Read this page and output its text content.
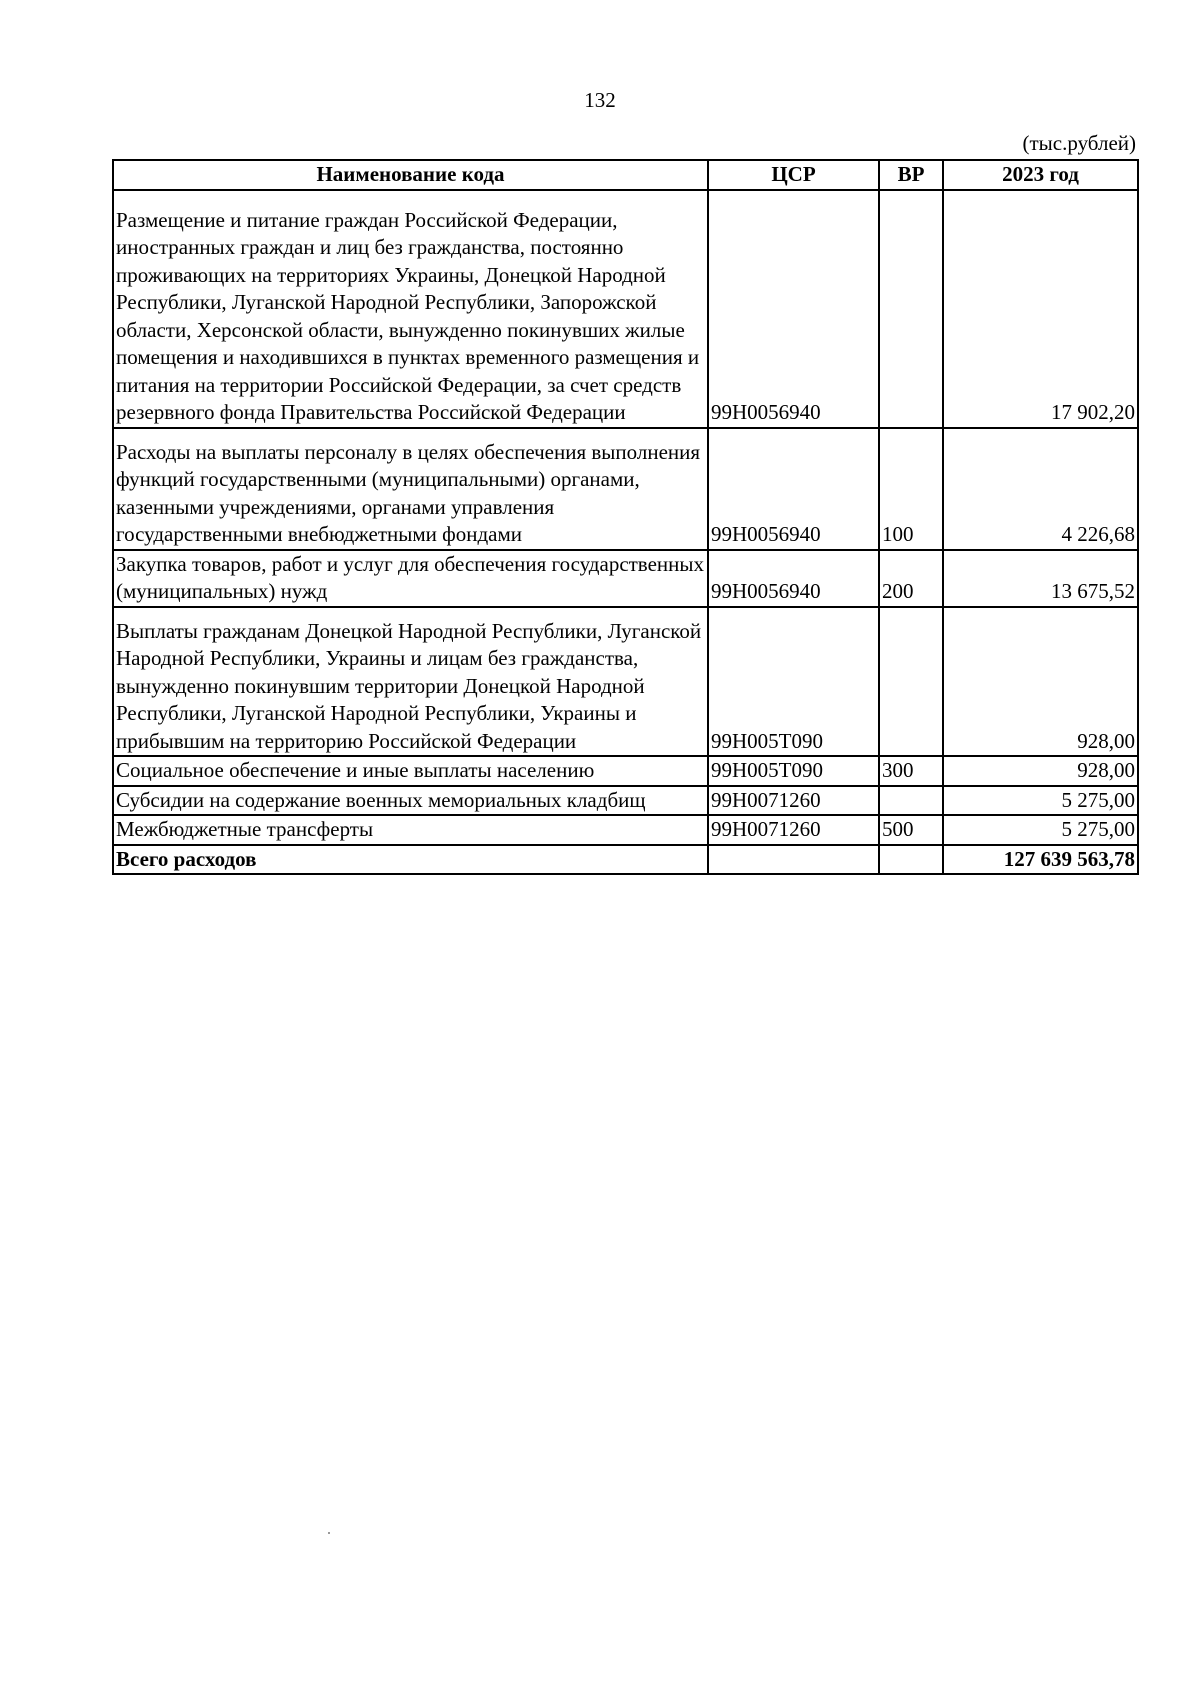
132
(тыс.рублей)
Наименование кода	ЦСР	ВР	2023 год
Размещение и питание граждан Российской Федерации, иностранных граждан и лиц без гражданства, постоянно проживающих на территориях Украины, Донецкой Народной Республики, Луганской Народной Республики, Запорожской области, Херсонской области, вынужденно покинувших жилые помещения и находившихся в пунктах временного размещения и питания на территории Российской Федерации, за счет средств резервного фонда Правительства Российской Федерации	99Н0056940		17 902,20
Расходы на выплаты персоналу в целях обеспечения выполнения функций государственными (муниципальными) органами, казенными учреждениями, органами управления государственными внебюджетными фондами	99Н0056940	100	4 226,68
Закупка товаров, работ и услуг для обеспечения государственных (муниципальных) нужд	99Н0056940	200	13 675,52
Выплаты гражданам Донецкой Народной Республики, Луганской Народной Республики, Украины и лицам без гражданства, вынужденно покинувшим территории Донецкой Народной Республики, Луганской Народной Республики, Украины и прибывшим на территорию Российской Федерации	99Н005Т090		928,00
Социальное обеспечение и иные выплаты населению	99Н005Т090	300	928,00
Субсидии на содержание военных мемориальных кладбищ	99Н0071260		5 275,00
Межбюджетные трансферты	99Н0071260	500	5 275,00
Всего расходов			127 639 563,78
